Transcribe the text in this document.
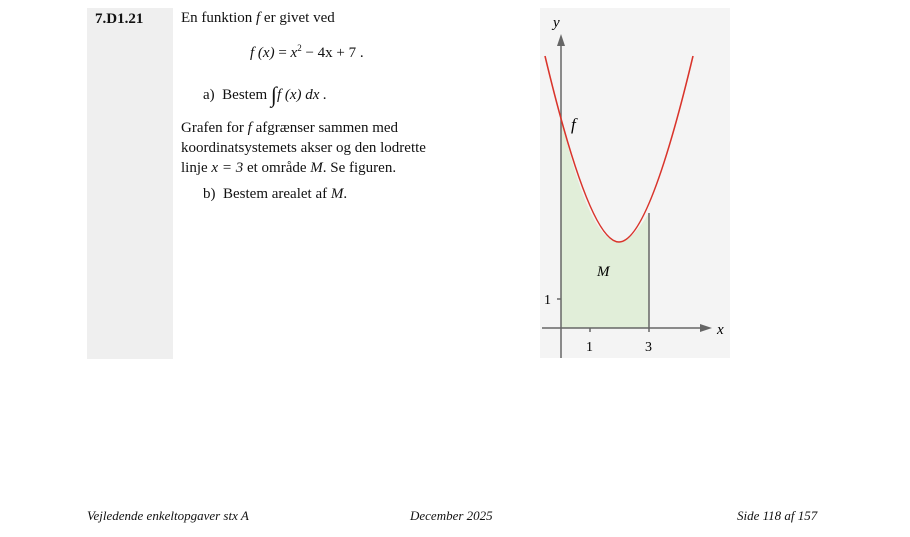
7.D1.21	En funktion f er givet ved
f $(x) = x^2 - 4x + 7$ .
a) Bestem ∫f (x) dx .
Grafen for f afgrænser sammen med
koordinatsystemets akser og den lodrette
linje x = 3 et område M. Se figuren.
b) Bestem arealet af M.
y
x
f
M
1
1	3
Vejledende enkeltopgaver stx A	December 2025	Side 118 af 157
